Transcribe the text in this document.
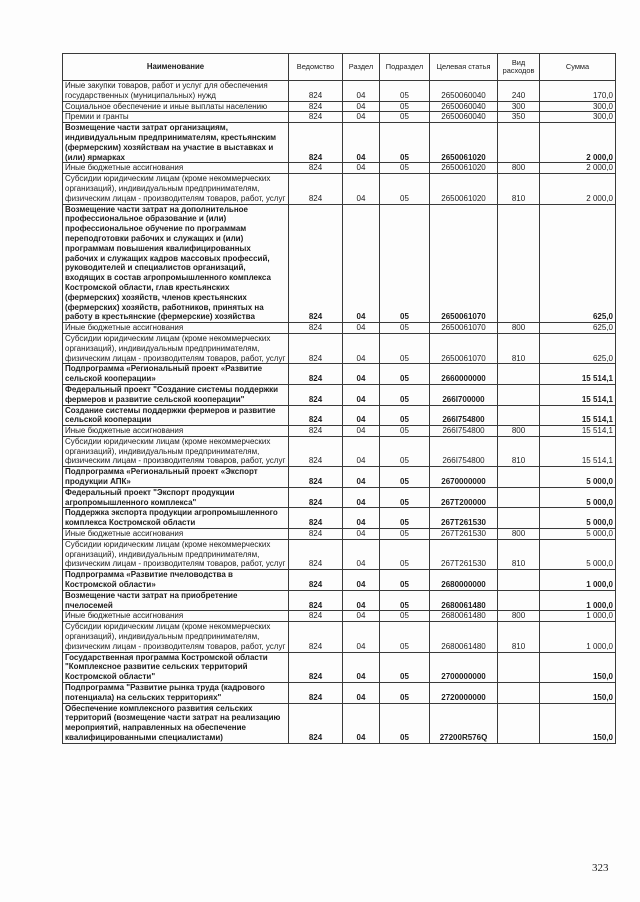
Наименование	Ведомство	Раздел	Подраздел	Целевая статья	Вид расходов	Сумма
Иные закупки товаров, работ и услуг для обеспечения государственных (муниципальных) нужд	824	04	05	2650060040	240	170,0
Социальное обеспечение и иные выплаты населению	824	04	05	2650060040	300	300,0
Премии и гранты	824	04	05	2650060040	350	300,0
Возмещение части затрат организациям, индивидуальным предпринимателям, крестьянским (фермерским) хозяйствам на участие в выставках и (или) ярмарках	824	04	05	2650061020		2 000,0
Иные бюджетные ассигнования	824	04	05	2650061020	800	2 000,0
Субсидии юридическим лицам (кроме некоммерческих организаций), индивидуальным предпринимателям, физическим лицам - производителям товаров, работ, услуг	824	04	05	2650061020	810	2 000,0
Возмещение части затрат на дополнительное профессиональное образование и (или) профессиональное обучение по программам переподготовки рабочих и служащих и (или) программам повышения квалифицированных рабочих и служащих кадров массовых профессий, руководителей и специалистов организаций, входящих в состав агропромышленного комплекса Костромской области, глав крестьянских (фермерских) хозяйств, членов крестьянских (фермерских) хозяйств, работников, принятых на работу в крестьянские (фермерские) хозяйства	824	04	05	2650061070		625,0
Иные бюджетные ассигнования	824	04	05	2650061070	800	625,0
Субсидии юридическим лицам (кроме некоммерческих организаций), индивидуальным предпринимателям, физическим лицам - производителям товаров, работ, услуг	824	04	05	2650061070	810	625,0
Подпрограмма «Региональный проект «Развитие сельской кооперации»	824	04	05	2660000000		15 514,1
Федеральный проект "Создание системы поддержки фермеров и развитие сельской кооперации"	824	04	05	266I700000		15 514,1
Создание системы поддержки фермеров и развитие сельской кооперации	824	04	05	266I754800		15 514,1
Иные бюджетные ассигнования	824	04	05	266I754800	800	15 514,1
Субсидии юридическим лицам (кроме некоммерческих организаций), индивидуальным предпринимателям, физическим лицам - производителям товаров, работ, услуг	824	04	05	266I754800	810	15 514,1
Подпрограмма «Региональный проект «Экспорт продукции АПК»	824	04	05	2670000000		5 000,0
Федеральный проект "Экспорт продукции агропромышленного комплекса"	824	04	05	267T200000		5 000,0
Поддержка экспорта продукции агропромышленного комплекса Костромской области	824	04	05	267T261530		5 000,0
Иные бюджетные ассигнования	824	04	05	267T261530	800	5 000,0
Субсидии юридическим лицам (кроме некоммерческих организаций), индивидуальным предпринимателям, физическим лицам - производителям товаров, работ, услуг	824	04	05	267T261530	810	5 000,0
Подпрограмма «Развитие пчеловодства в Костромской области»	824	04	05	2680000000		1 000,0
Возмещение части затрат на приобретение пчелосемей	824	04	05	2680061480		1 000,0
Иные бюджетные ассигнования	824	04	05	2680061480	800	1 000,0
Субсидии юридическим лицам (кроме некоммерческих организаций), индивидуальным предпринимателям, физическим лицам - производителям товаров, работ, услуг	824	04	05	2680061480	810	1 000,0
Государственная программа Костромской области "Комплексное развитие сельских территорий Костромской области"	824	04	05	2700000000		150,0
Подпрограмма "Развитие рынка труда (кадрового потенциала) на сельских территориях"	824	04	05	2720000000		150,0
Обеспечение комплексного развития сельских территорий (возмещение части затрат на реализацию мероприятий, направленных на обеспечение квалифицированными специалистами)	824	04	05	27200R576Q		150,0
323
